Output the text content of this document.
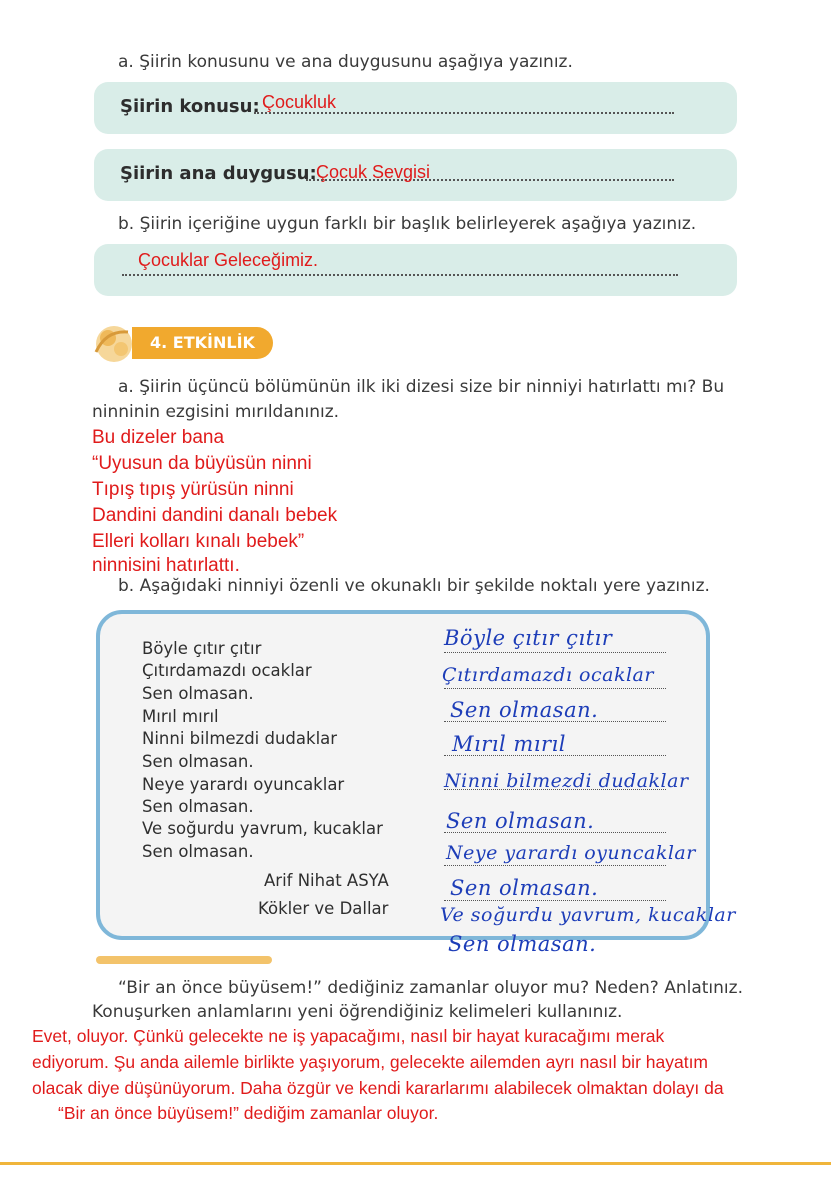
a. Şiirin konusunu ve ana duygusunu aşağıya yazınız.
Şiirin konusu: Çocukluk
Şiirin ana duygusu: Çocuk Sevgisi
b. Şiirin içeriğine uygun farklı bir başlık belirleyerek aşağıya yazınız.
Çocuklar Geleceğimiz.
4. ETKİNLİK
a. Şiirin üçüncü bölümünün ilk iki dizesi size bir ninniyi hatırlattı mı? Bu
ninninin ezgisini mırıldanınız.
Bu dizeler bana
“Uyusun da büyüsün ninni
Tıpış tıpış yürüsün ninni
Dandini dandini danalı bebek
Elleri kolları kınalı bebek”
ninnisini hatırlattı.
b. Aşağıdaki ninniyi özenli ve okunaklı bir şekilde noktalı yere yazınız.
Böyle çıtır çıtır
Çıtırdamazdı ocaklar
Sen olmasan.
Mırıl mırıl
Ninni bilmezdi dudaklar
Sen olmasan.
Neye yarardı oyuncaklar
Sen olmasan.
Ve soğurdu yavrum, kucaklar
Sen olmasan.
Arif Nihat ASYA
Kökler ve Dallar
Böyle çıtır çıtır
Çıtırdamazdı ocaklar
Sen olmasan.
Mırıl mırıl
Ninni bilmezdi dudaklar
Sen olmasan.
Neye yarardı oyuncaklar
Sen olmasan.
Ve soğurdu yavrum, kucaklar
Sen olmasan.
“Bir an önce büyüsem!” dediğiniz zamanlar oluyor mu? Neden? Anlatınız.
Konuşurken anlamlarını yeni öğrendiğiniz kelimeleri kullanınız.
Evet, oluyor. Çünkü gelecekte ne iş yapacağımı, nasıl bir hayat kuracağımı merak
ediyorum. Şu anda ailemle birlikte yaşıyorum, gelecekte ailemden ayrı nasıl bir hayatım
olacak diye düşünüyorum. Daha özgür ve kendi kararlarımı alabilecek olmaktan dolayı da
“Bir an önce büyüsem!” dediğim zamanlar oluyor.
